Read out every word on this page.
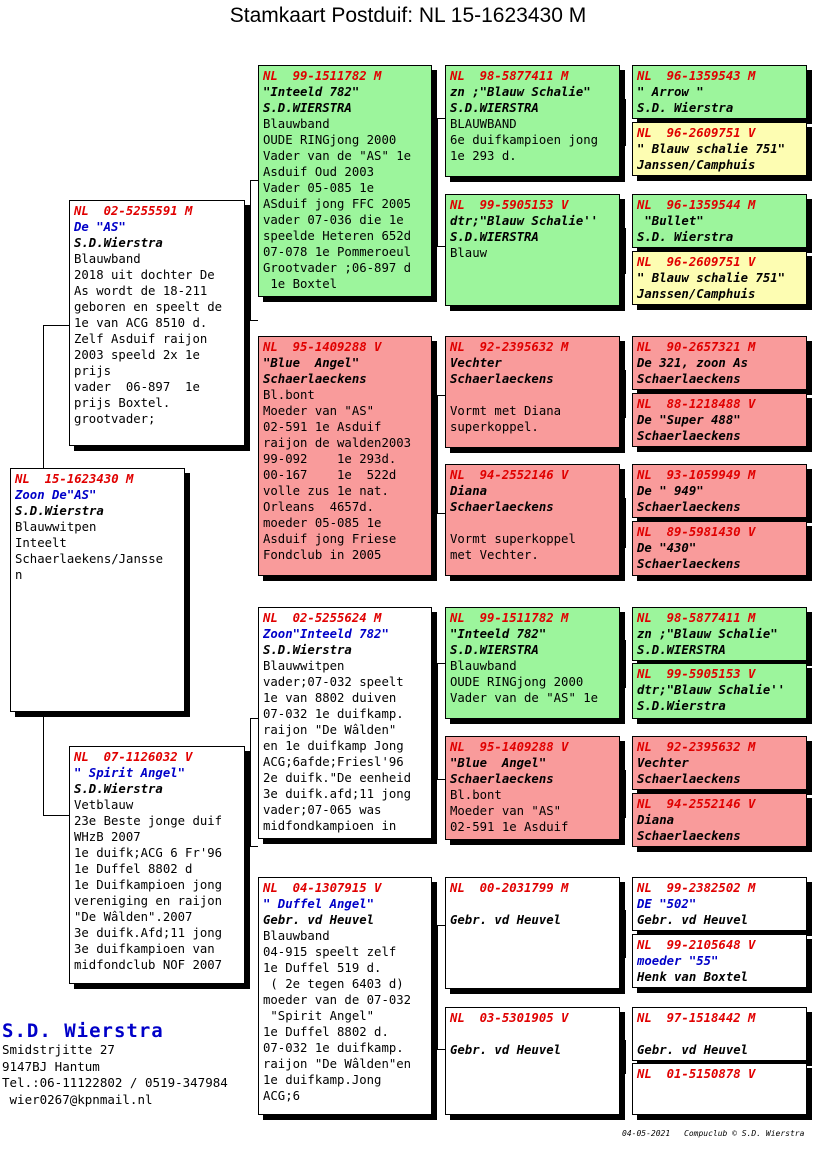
Stamkaart Postduif: NL 15-1623430 M
NL  15-1623430 M
Zoon De"AS"
S.D.Wierstra
Blauwwitpen
Inteelt
Schaerlaekens/Jansse
n
NL  02-5255591 M
De "AS"
S.D.Wierstra
Blauwband
2018 uit dochter De
As wordt de 18-211
geboren en speelt de
1e van ACG 8510 d.
Zelf Asduif raijon
2003 speeld 2x 1e
prijs
vader  06-897  1e
prijs Boxtel.
grootvader;
NL  07-1126032 V
" Spirit Angel"
S.D.Wierstra
Vetblauw
23e Beste jonge duif
WHzB 2007
1e duifk;ACG 6 Fr'96
1e Duffel 8802 d
1e Duifkampioen jong
vereniging en raijon
"De Wâlden".2007
3e duifk.Afd;11 jong
3e duifkampioen van
midfondclub NOF 2007
NL  99-1511782 M
"Inteeld 782"
S.D.WIERSTRA
Blauwband
OUDE RINGjong 2000
Vader van de "AS" 1e
Asduif Oud 2003
Vader 05-085 1e
ASduif jong FFC 2005
vader 07-036 die 1e
speelde Heteren 652d
07-078 1e Pommeroeul
Grootvader ;06-897 d
1e Boxtel
NL  95-1409288 V
"Blue  Angel"
Schaerlaeckens
Bl.bont
Moeder van "AS"
02-591 1e Asduif
raijon de walden2003
99-092    1e 293d.
00-167    1e  522d
volle zus 1e nat.
Orleans  4657d.
moeder 05-085 1e
Asduif jong Friese
Fondclub in 2005
NL  02-5255624 M
Zoon"Inteeld 782"
S.D.Wierstra
Blauwwitpen
vader;07-032 speelt
1e van 8802 duiven
07-032 1e duifkamp.
raijon "De Wâlden"
en 1e duifkamp Jong
ACG;6afde;Friesl'96
2e duifk."De eenheid
3e duifk.afd;11 jong
vader;07-065 was
midfondkampioen in
NL  04-1307915 V
" Duffel Angel"
Gebr. vd Heuvel
Blauwband
04-915 speelt zelf
1e Duffel 519 d.
( 2e tegen 6403 d)
moeder van de 07-032
"Spirit Angel"
1e Duffel 8802 d.
07-032 1e duifkamp.
raijon "De Wâlden"en
1e duifkamp.Jong
ACG;6
NL  98-5877411 M
zn ;"Blauw Schalie"
S.D.WIERSTRA
BLAUWBAND
6e duifkampioen jong
1e 293 d.
NL  99-5905153 V
dtr;"Blauw Schalie''
S.D.WIERSTRA
Blauw
NL  92-2395632 M
Vechter
Schaerlaeckens
Vormt met Diana
superkoppel.
NL  94-2552146 V
Diana
Schaerlaeckens
Vormt superkoppel
met Vechter.
NL  99-1511782 M
"Inteeld 782"
S.D.WIERSTRA
Blauwband
OUDE RINGjong 2000
Vader van de "AS" 1e
NL  95-1409288 V
"Blue  Angel"
Schaerlaeckens
Bl.bont
Moeder van "AS"
02-591 1e Asduif
NL  00-2031799 M
Gebr. vd Heuvel
NL  03-5301905 V
Gebr. vd Heuvel
NL  96-1359543 M
" Arrow "
S.D. Wierstra
NL  96-2609751 V
" Blauw schalie 751"
Janssen/Camphuis
NL  96-1359544 M
"Bullet"
S.D. Wierstra
NL  96-2609751 V
" Blauw schalie 751"
Janssen/Camphuis
NL  90-2657321 M
De 321, zoon As
Schaerlaeckens
NL  88-1218488 V
De "Super 488"
Schaerlaeckens
NL  93-1059949 M
De " 949"
Schaerlaeckens
NL  89-5981430 V
De "430"
Schaerlaeckens
NL  98-5877411 M
zn ;"Blauw Schalie"
S.D.WIERSTRA
NL  99-5905153 V
dtr;"Blauw Schalie''
S.D.Wierstra
NL  92-2395632 M
Vechter
Schaerlaeckens
NL  94-2552146 V
Diana
Schaerlaeckens
NL  99-2382502 M
DE "502"
Gebr. vd Heuvel
NL  99-2105648 V
moeder "55"
Henk van Boxtel
NL  97-1518442 M
Gebr. vd Heuvel
NL  01-5150878 V
S.D. Wierstra
Smidstrjitte 27
9147BJ Hantum
Tel.:06-11122802 / 0519-347984
wier0267@kpnmail.nl
04-05-2021 Compuclub © S.D. Wierstra
